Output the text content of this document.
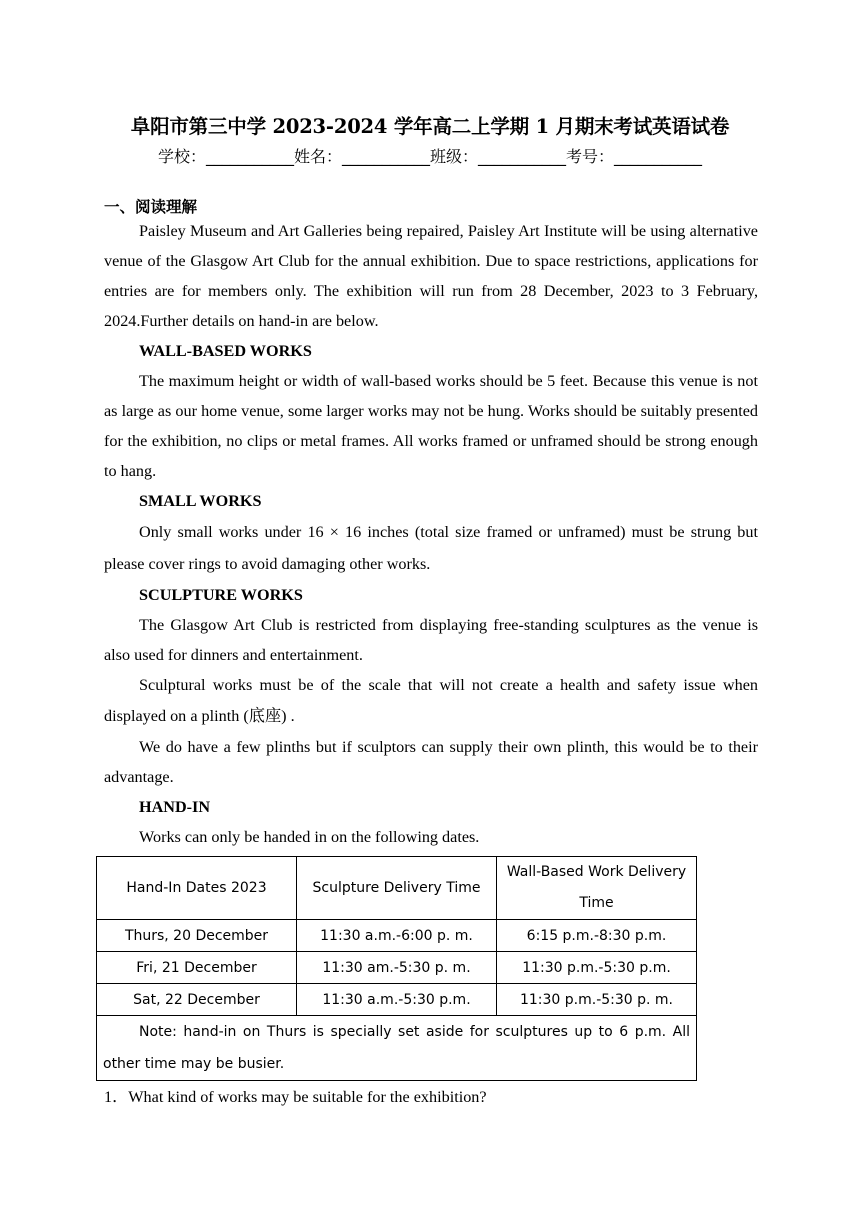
阜阳市第三中学 2023-2024 学年高二上学期 1 月期末考试英语试卷
学校：___________姓名：___________班级：___________考号：___________
一、阅读理解

Paisley Museum and Art Galleries being repaired, Paisley Art Institute will be using alternative venue of the Glasgow Art Club for the annual exhibition. Due to space restrictions, applications for entries are for members only. The exhibition will run from 28 December, 2023 to 3 February, 2024.Further details on hand-in are below.

WALL-BASED WORKS

The maximum height or width of wall-based works should be 5 feet. Because this venue is not as large as our home venue, some larger works may not be hung. Works should be suitably presented for the exhibition, no clips or metal frames. All works framed or unframed should be strong enough to hang.

SMALL WORKS

Only small works under 16 × 16 inches (total size framed or unframed) must be strung but please cover rings to avoid damaging other works.

SCULPTURE WORKS

The Glasgow Art Club is restricted from displaying free-standing sculptures as the venue is also used for dinners and entertainment.

Sculptural works must be of the scale that will not create a health and safety issue when displayed on a plinth (底座) .

We do have a few plinths but if sculptors can supply their own plinth, this would be to their advantage.

HAND-IN

Works can only be handed in on the following dates.

Hand-In Dates 2023	Sculpture Delivery Time	Wall-Based Work Delivery Time
Thurs, 20 December	11:30 a.m.-6:00 p. m.	6:15 p.m.-8:30 p.m.
Fri, 21 December	11:30 am.-5:30 p. m.	11:30 p.m.-5:30 p.m.
Sat, 22 December	11:30 a.m.-5:30 p.m.	11:30 p.m.-5:30 p. m.

Note: hand-in on Thurs is specially set aside for sculptures up to 6 p.m. All other time may be busier.		
1．What kind of works may be suitable for the exhibition?
